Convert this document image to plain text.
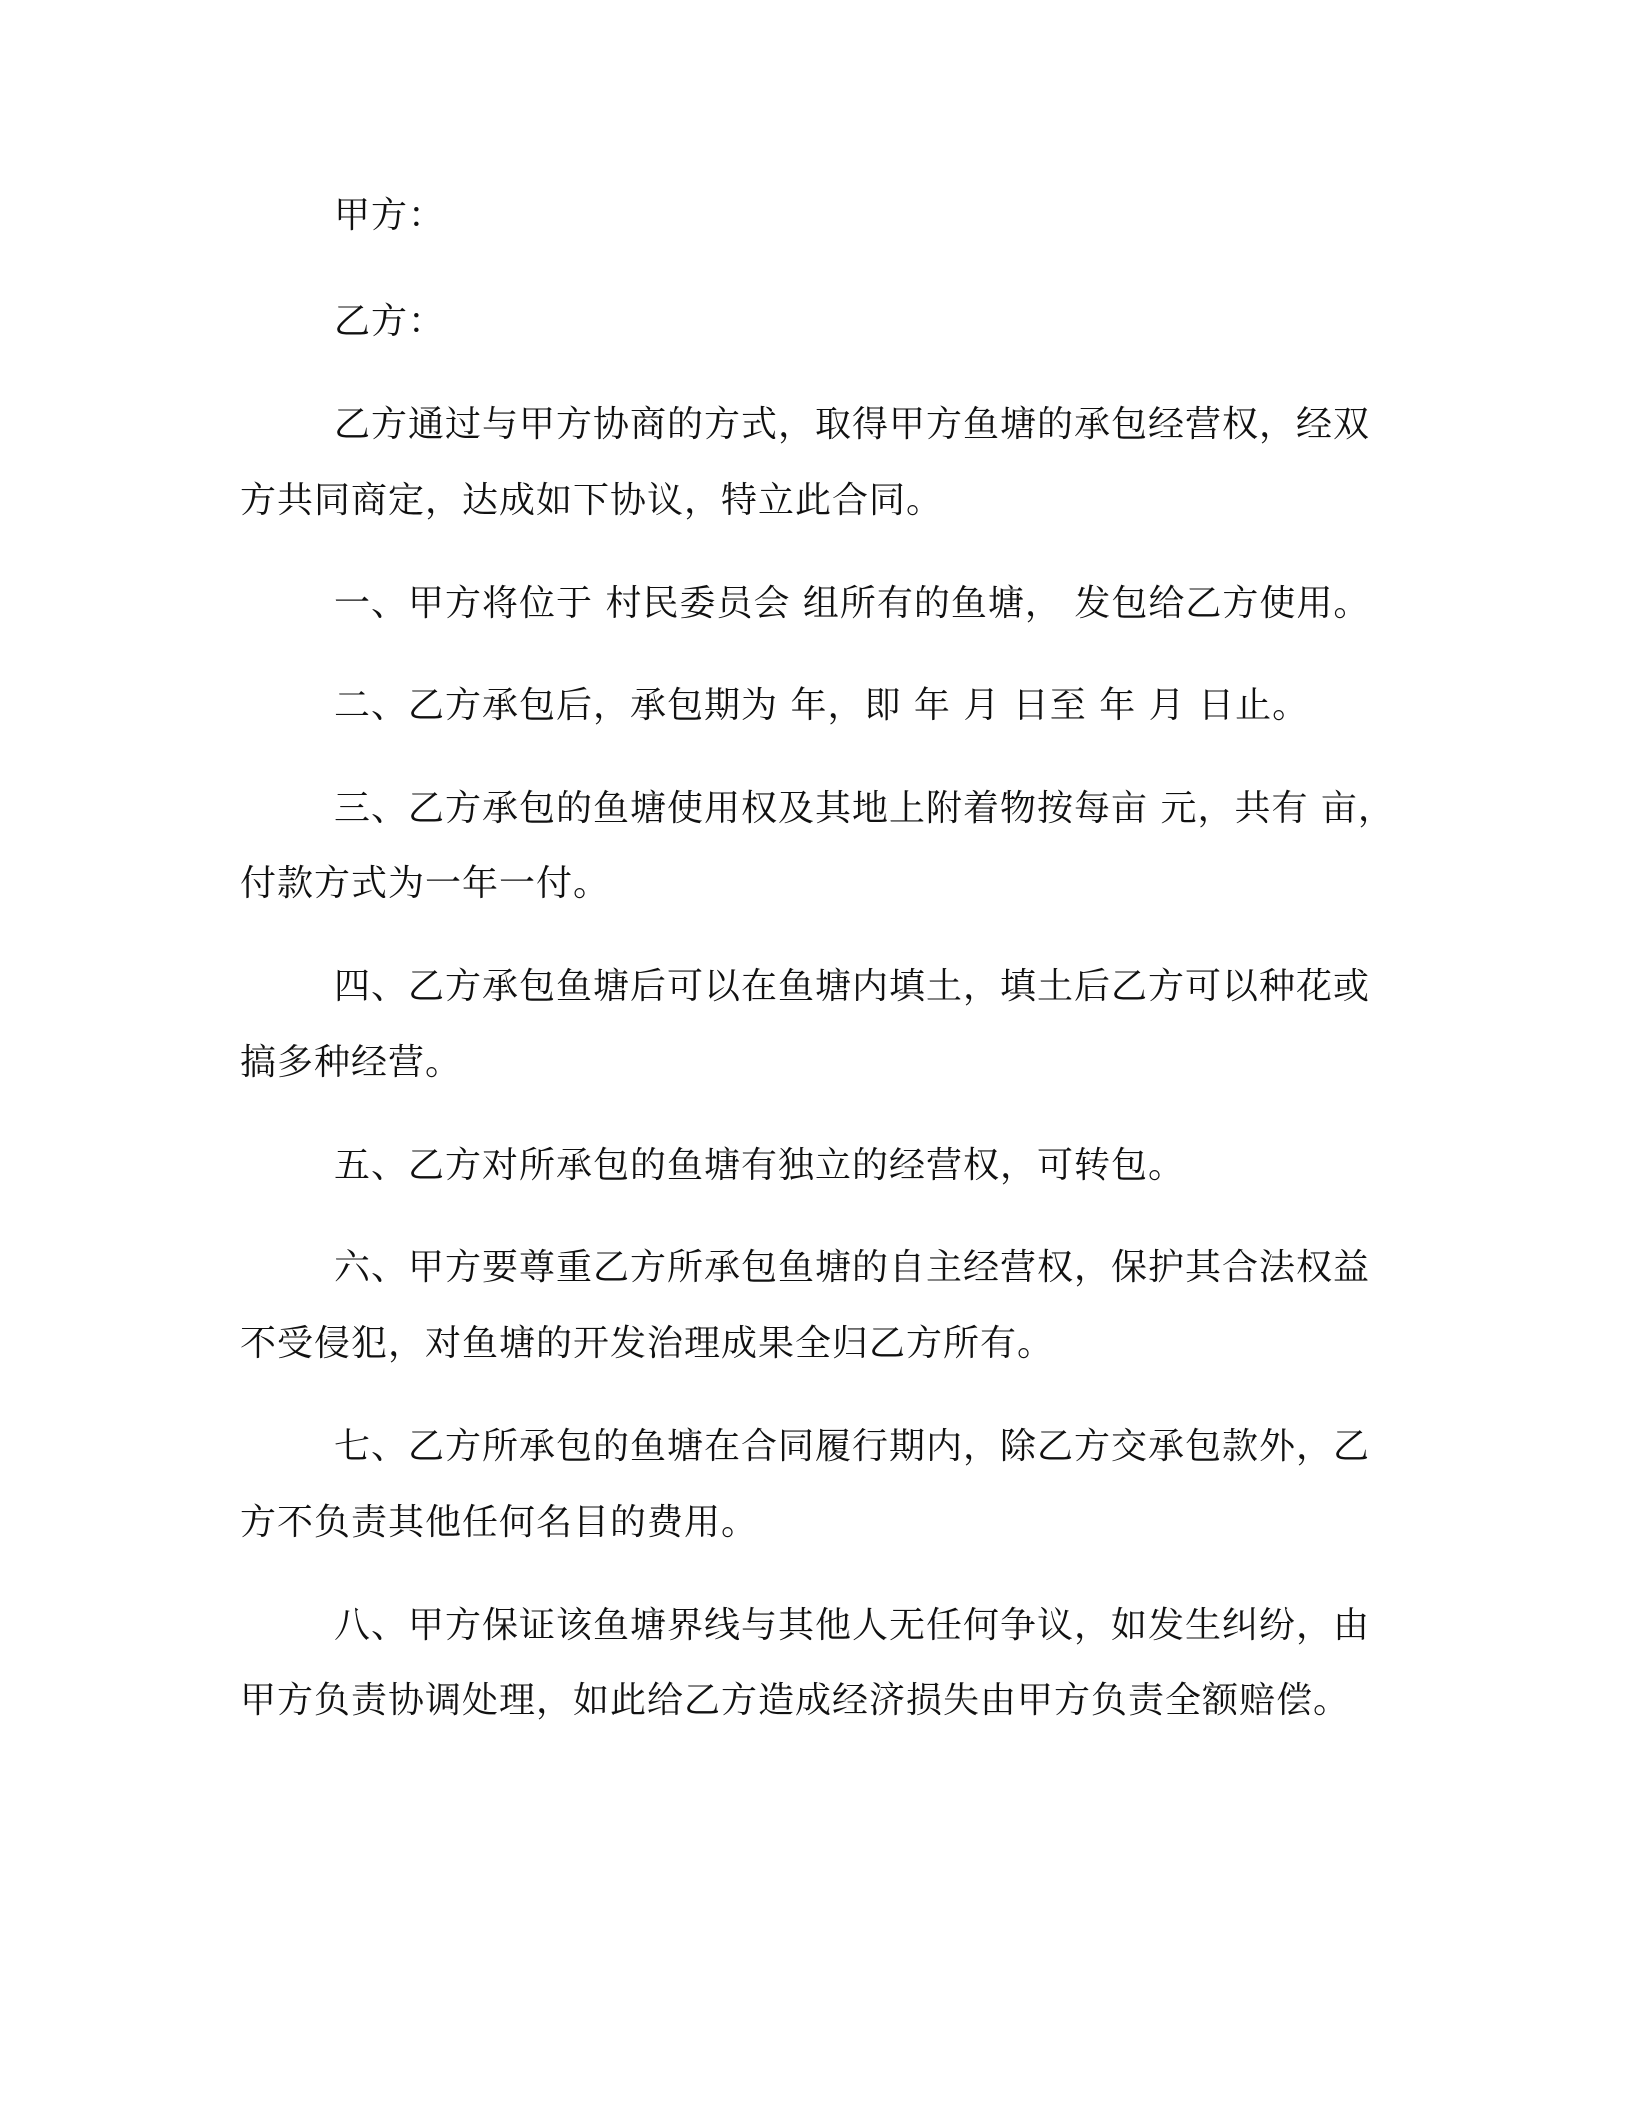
甲方：
乙方：
乙方通过与甲方协商的方式，取得甲方鱼塘的承包经营权，经双
方共同商定，达成如下协议，特立此合同。
一、甲方将位于 村民委员会 组所有的鱼塘， 发包给乙方使用。
二、乙方承包后，承包期为 年，即 年 月 日至 年 月 日止。
三、乙方承包的鱼塘使用权及其地上附着物按每亩 元，共有 亩，
付款方式为一年一付。
四、乙方承包鱼塘后可以在鱼塘内填土，填土后乙方可以种花或
搞多种经营。
五、乙方对所承包的鱼塘有独立的经营权，可转包。
六、甲方要尊重乙方所承包鱼塘的自主经营权，保护其合法权益
不受侵犯，对鱼塘的开发治理成果全归乙方所有。
七、乙方所承包的鱼塘在合同履行期内，除乙方交承包款外，乙
方不负责其他任何名目的费用。
八、甲方保证该鱼塘界线与其他人无任何争议，如发生纠纷，由
甲方负责协调处理，如此给乙方造成经济损失由甲方负责全额赔偿。
